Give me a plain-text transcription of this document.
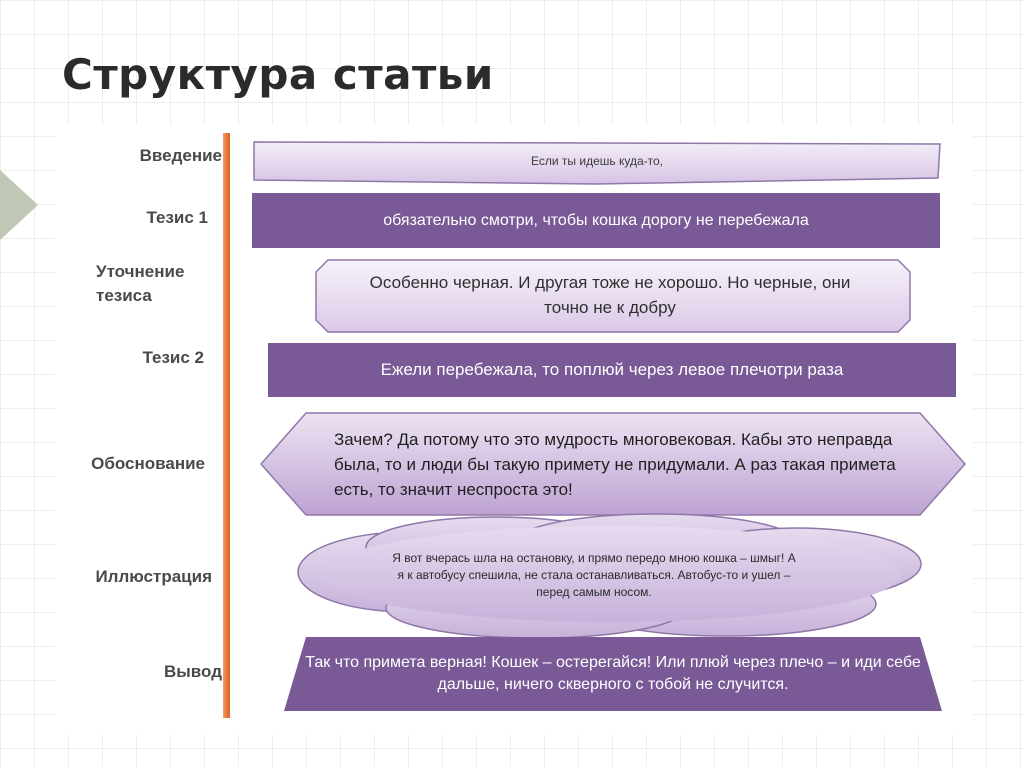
Структура статьи
Введение
Тезис 1
Уточнение тезиса
Тезис 2
Обоснование
Иллюстрация
Вывод
Если ты идешь куда-то,
обязательно смотри, чтобы кошка дорогу не перебежала
Особенно черная. И другая тоже не хорошо. Но черные, они точно не к добру
Ежели перебежала, то поплюй через левое плечотри раза
Зачем? Да потому что это мудрость многовековая. Кабы это неправда была, то и люди бы такую примету не придумали. А раз такая примета есть, то значит неспроста это!
Я вот вчерась шла на остановку, и прямо передо мною кошка – шмыг! А я к автобусу спешила, не стала останавливаться. Автобус-то и ушел – перед самым носом.
Так что примета верная! Кошек – остерегайся! Или плюй через плечо – и иди себе дальше, ничего скверного с тобой не случится.
